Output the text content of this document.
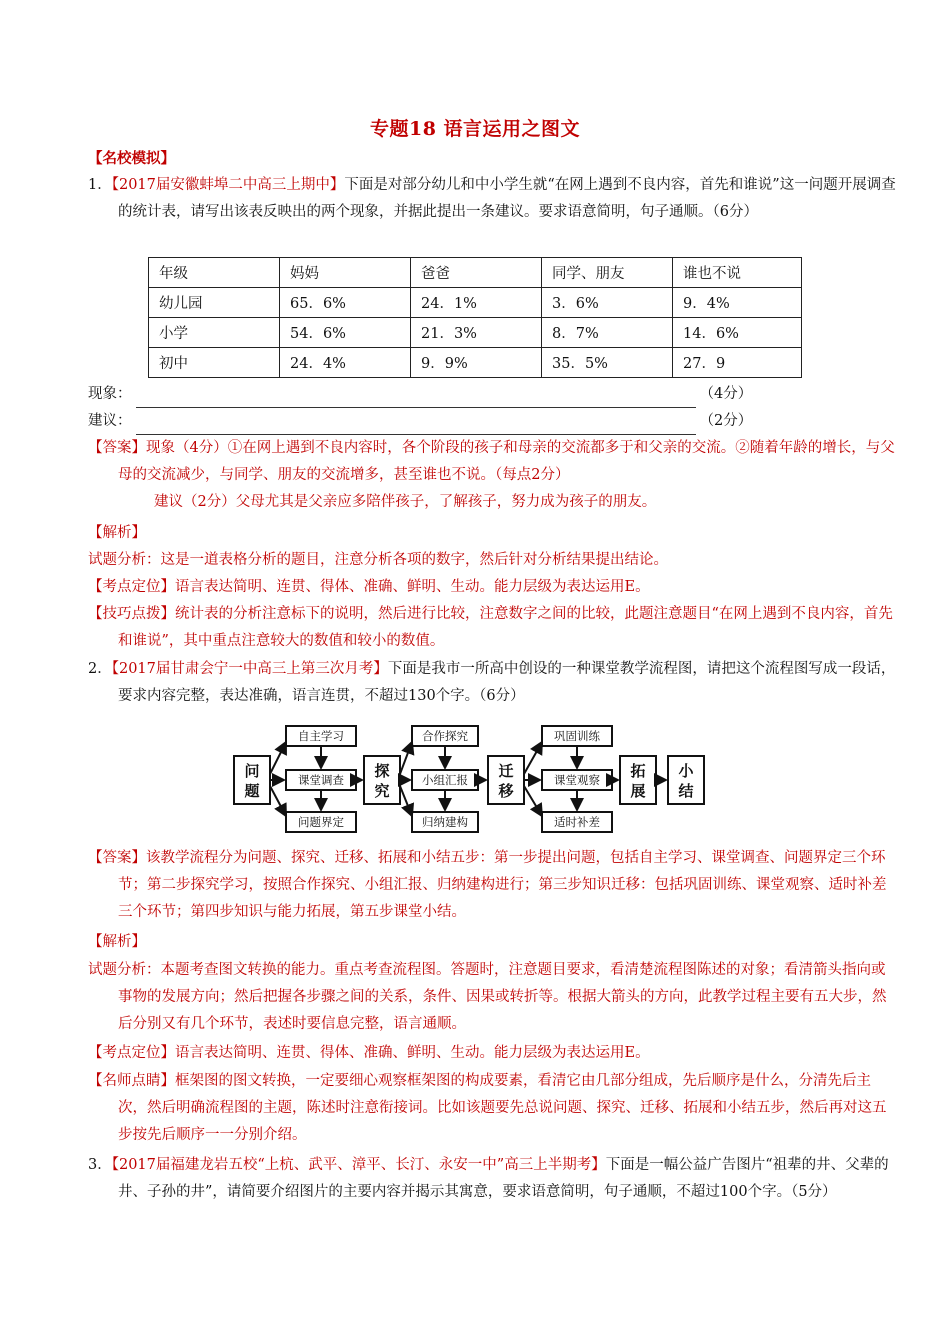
专题18 语言运用之图文
【名校模拟】
1．【2017届安徽蚌埠二中高三上期中】下面是对部分幼儿和中小学生就“在网上遇到不良内容，首先和谁说”这一问题开展调查的统计表，请写出该表反映出的两个现象，并据此提出一条建议。要求语意简明，句子通顺。（6分）
年级	妈妈	爸爸	同学、朋友	谁也不说
幼儿园	65．6%	24．1%	3．6%	9．4%
小学	54．6%	21．3%	8．7%	14．6%
初中	24．4%	9．9%	35．5%	27．9
现象：	（4分）
建议：	（2分）
【答案】现象（4分）①在网上遇到不良内容时，各个阶段的孩子和母亲的交流都多于和父亲的交流。②随着年龄的增长，与父母的交流减少，与同学、朋友的交流增多，甚至谁也不说。（每点2分）
建议（2分）父母尤其是父亲应多陪伴孩子，了解孩子，努力成为孩子的朋友。
【解析】
试题分析：这是一道表格分析的题目，注意分析各项的数字，然后针对分析结果提出结论。
【考点定位】语言表达简明、连贯、得体、准确、鲜明、生动。能力层级为表达运用E。
【技巧点拨】统计表的分析注意标下的说明，然后进行比较，注意数字之间的比较，此题注意题目“在网上遇到不良内容，首先和谁说”，其中重点注意较大的数值和较小的数值。
2．【2017届甘肃会宁一中高三上第三次月考】下面是我市一所高中创设的一种课堂教学流程图，请把这个流程图写成一段话，要求内容完整，表达准确，语言连贯，不超过130个字。（6分）
问
题
探
究
迁
移
拓
展
小
结
自主学习
课堂调查
问题界定
合作探究
小组汇报
归纳建构
巩固训练
课堂观察
适时补差
【答案】该教学流程分为问题、探究、迁移、拓展和小结五步：第一步提出问题，包括自主学习、课堂调查、问题界定三个环节；第二步探究学习，按照合作探究、小组汇报、归纳建构进行；第三步知识迁移：包括巩固训练、课堂观察、适时补差三个环节；第四步知识与能力拓展，第五步课堂小结。
【解析】
试题分析：本题考查图文转换的能力。重点考查流程图。答题时，注意题目要求，看清楚流程图陈述的对象；看清箭头指向或事物的发展方向；然后把握各步骤之间的关系，条件、因果或转折等。根据大箭头的方向，此教学过程主要有五大步，然后分别又有几个环节，表述时要信息完整，语言通顺。
【考点定位】语言表达简明、连贯、得体、准确、鲜明、生动。能力层级为表达运用E。
【名师点睛】框架图的图文转换，一定要细心观察框架图的构成要素，看清它由几部分组成，先后顺序是什么，分清先后主次，然后明确流程图的主题，陈述时注意衔接词。比如该题要先总说问题、探究、迁移、拓展和小结五步，然后再对这五步按先后顺序一一分别介绍。
3．【2017届福建龙岩五校“上杭、武平、漳平、长汀、永安一中”高三上半期考】下面是一幅公益广告图片“祖辈的井、父辈的井、子孙的井”，请简要介绍图片的主要内容并揭示其寓意，要求语意简明，句子通顺，不超过100个字。（5分）
